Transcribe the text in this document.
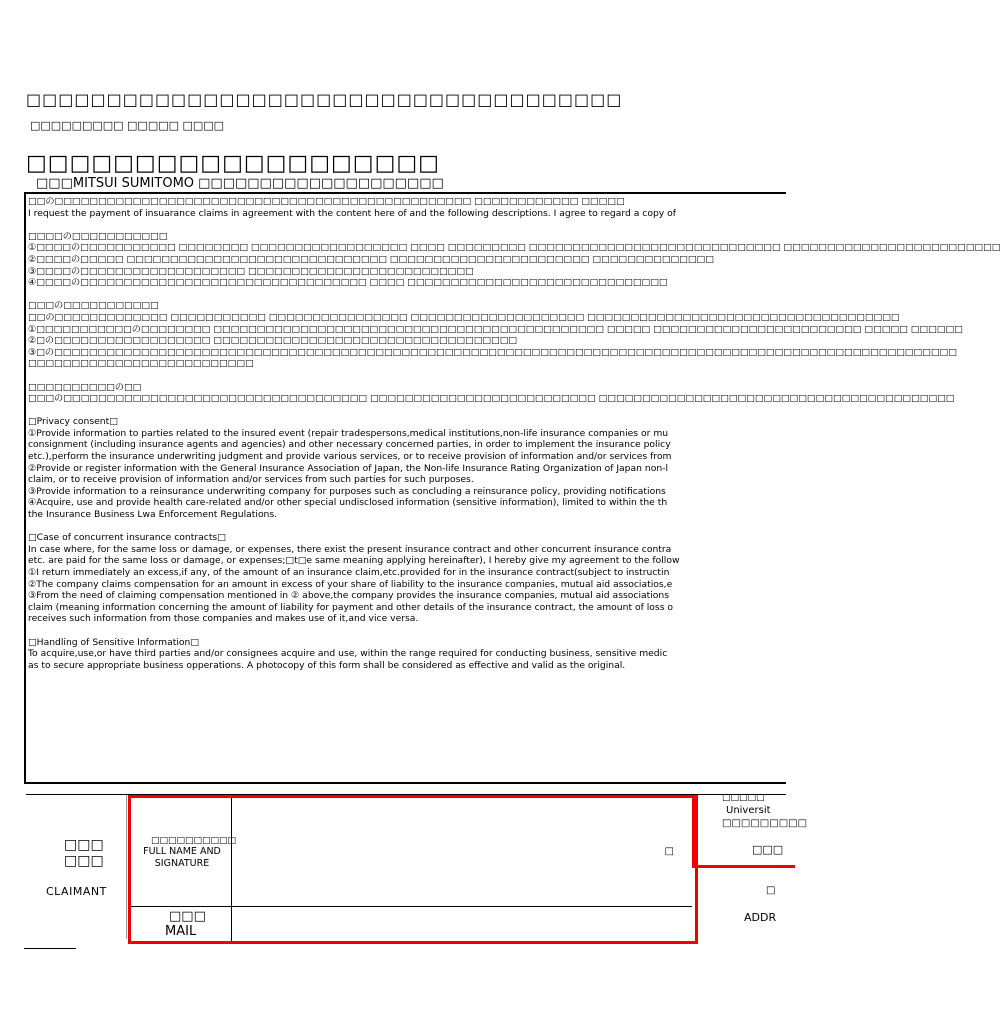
□□□□□□□□□□□□□□□□□□□□□□□□□□□□□□□□□□□□□
□□□□□□□□□ □□□□□ □□□□
□□□□□□□□□□□□□□□□□□□
□□□MITSUI SUMITOMO □□□□□□□□□□□□□□□□□□□□
□□の□□□□□□□□□□□□□□□□□□□□□□□□□□□□□□□□□□□□□□□□□□□□□□□□ □□□□□□□□□□□□ □□□□□
I request the payment of insuarance claims in agreement with the content here of and the following descriptions. I agree to regard a copy of
□□□□の□□□□□□□□□□□
①□□□□の□□□□□□□□□□□ □□□□□□□□ □□□□□□□□□□□□□□□□□□ □□□□ □□□□□□□□□ □□□□□□□□□□□□□□□□□□□□□□□□□□□□□ □□□□□□□□□□□□□□□□□□□□□□□□□
②□□□□の□□□□□ □□□□□□□□□□□□□□□□□□□□□□□□□□□□□□ □□□□□□□□□□□□□□□□□□□□□□□ □□□□□□□□□□□□□□
③□□□□の□□□□□□□□□□□□□□□□□□□ □□□□□□□□□□□□□□□□□□□□□□□□□□
④□□□□の□□□□□□□□□□□□□□□□□□□□□□□□□□□□□□□□□ □□□□ □□□□□□□□□□□□□□□□□□□□□□□□□□□□□□
□□□の□□□□□□□□□□□
□□の□□□□□□□□□□□□□ □□□□□□□□□□□ □□□□□□□□□□□□□□□□ □□□□□□□□□□□□□□□□□□□□ □□□□□□□□□□□□□□□□□□□□□□□□□□□□□□□□□□□□
①□□□□□□□□□□□の□□□□□□□□ □□□□□□□□□□□□□□□□□□□□□□□□□□□□□□□□□□□□□□□□□□□□□ □□□□□ □□□□□□□□□□□□□□□□□□□□□□□□ □□□□□ □□□□□□
②□の□□□□□□□□□□□□□□□□□□ □□□□□□□□□□□□□□□□□□□□□□□□□□□□□□□□□□□
③□の□□□□□□□□□□□□□□□□□□□□□□□□□□□□□□□□□□□□□□□□□□□□□□□□□□□□□□□□□□□□□□□□□□□□□□□□□□□□□□□□□□□□□□□□□□□□□□□□□□□□□□□□
□□□□□□□□□□□□□□□□□□□□□□□□□□
□□□□□□□□□□の□□
□□□の□□□□□□□□□□□□□□□□□□□□□□□□□□□□□□□□□□□ □□□□□□□□□□□□□□□□□□□□□□□□□□ □□□□□□□□□□□□□□□□□□□□□□□□□□□□□□□□□□□□□□□□□
□Privacy consent□
①Provide information to parties related to the insured event (repair tradespersons,medical institutions,non-life insurance companies or mu
consignment (including insurance agents and agencies) and other necessary concerned parties, in order to implement the insurance policy
etc.),perform the insurance underwriting judgment and provide various services, or to receive provision of information and/or services from
②Provide or register information with the General Insurance Association of Japan, the Non-life Insurance Rating Organization of Japan non-l
claim, or to receive provision of information and/or services from such parties for such purposes.
③Provide information to a reinsurance underwriting company for purposes such as concluding a reinsurance policy, providing notifications
④Acquire, use and provide health care-related and/or other special undisclosed information (sensitive information), limited to within the th
the Insurance Business Lwa Enforcement Regulations.
□Case of concurrent insurance contracts□
In case where, for the same loss or damage, or expenses, there exist the present insurance contract and other concurrent insurance contra
etc. are paid for the same loss or damage, or expenses;□t□e same meaning applying hereinafter), I hereby give my agreement to the follow
①I return immediately an excess,if any, of the amount of an insurance claim,etc.provided for in the insurance contract(subject to instructin
②The company claims compensation for an amount in excess of your share of liability to the insurance companies, mutual aid associatios,e
③From the need of claiming compensation mentioned in ② above,the company provides the insurance companies, mutual aid associations
claim (meaning information concerning the amount of liability for payment and other details of the insurance contract, the amount of loss o
receives such information from those companies and makes use of it,and vice versa.
□Handling of Sensitive Information□
To acquire,use,or have third parties and/or consignees acquire and use, within the range required for conducting business, sensitive medic
as to secure appropriate business opperations. A photocopy of this form shall be considered as effective and valid as the original.
□□□
□□□
CLAIMANT
□□□□□□□□□□
FULL NAME AND
SIGNATURE
□
□□□
MAIL
□□□□□
Universit
□□□□□□□□□
□□□
□
ADDR
